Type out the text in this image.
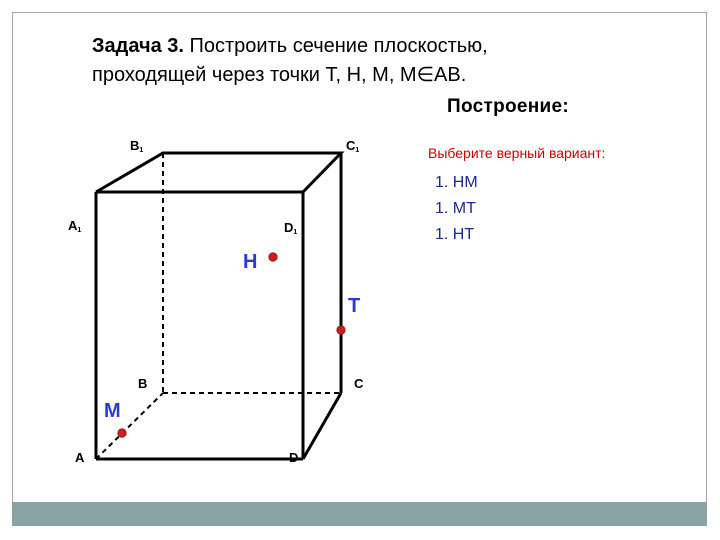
Задача 3. Построить сечение плоскостью,
проходящей через точки T, H, M, M∈AB.
Построение:
Выберите верный вариант:
1. НМ
1. МТ
1. НТ
B1	C1
A1	D1
B	C
A	D
Н
Т
М
